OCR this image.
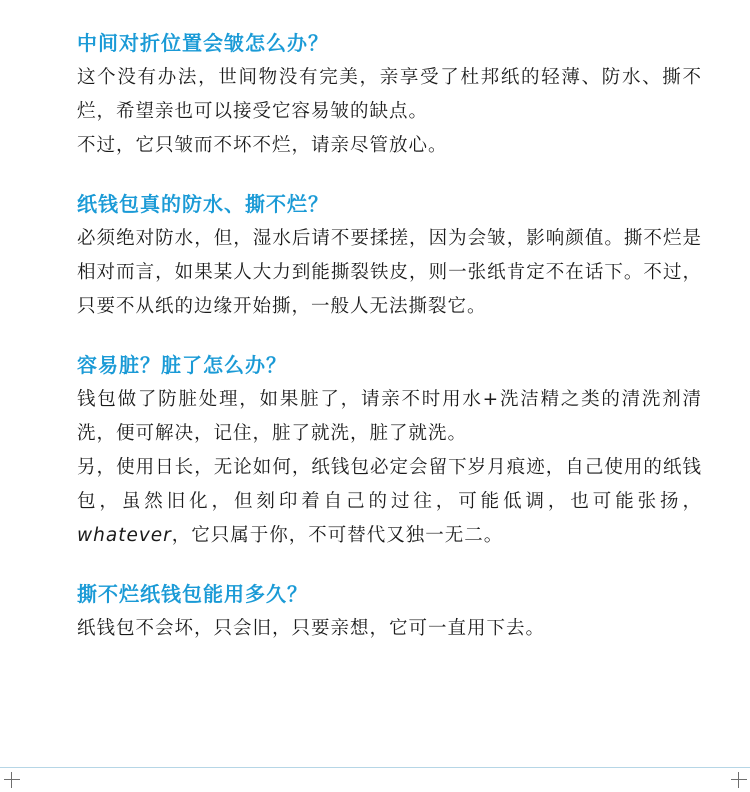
中间对折位置会皱怎么办？

这个没有办法，世间物没有完美，亲享受了杜邦纸的轻薄、防水、撕不烂，希望亲也可以接受它容易皱的缺点。

不过，它只皱而不坏不烂，请亲尽管放心。

纸钱包真的防水、撕不烂？

必须绝对防水，但，湿水后请不要揉搓，因为会皱，影响颜值。撕不烂是相对而言，如果某人大力到能撕裂铁皮，则一张纸肯定不在话下。不过，只要不从纸的边缘开始撕，一般人无法撕裂它。

容易脏？脏了怎么办？

钱包做了防脏处理，如果脏了，请亲不时用水+洗洁精之类的清洗剂清洗，便可解决，记住，脏了就洗，脏了就洗。

另，使用日长，无论如何，纸钱包必定会留下岁月痕迹，自己使用的纸钱包，虽然旧化，但刻印着自己的过往，可能低调，也可能张扬，whatever，它只属于你，不可替代又独一无二。

撕不烂纸钱包能用多久？

纸钱包不会坏，只会旧，只要亲想，它可一直用下去。
